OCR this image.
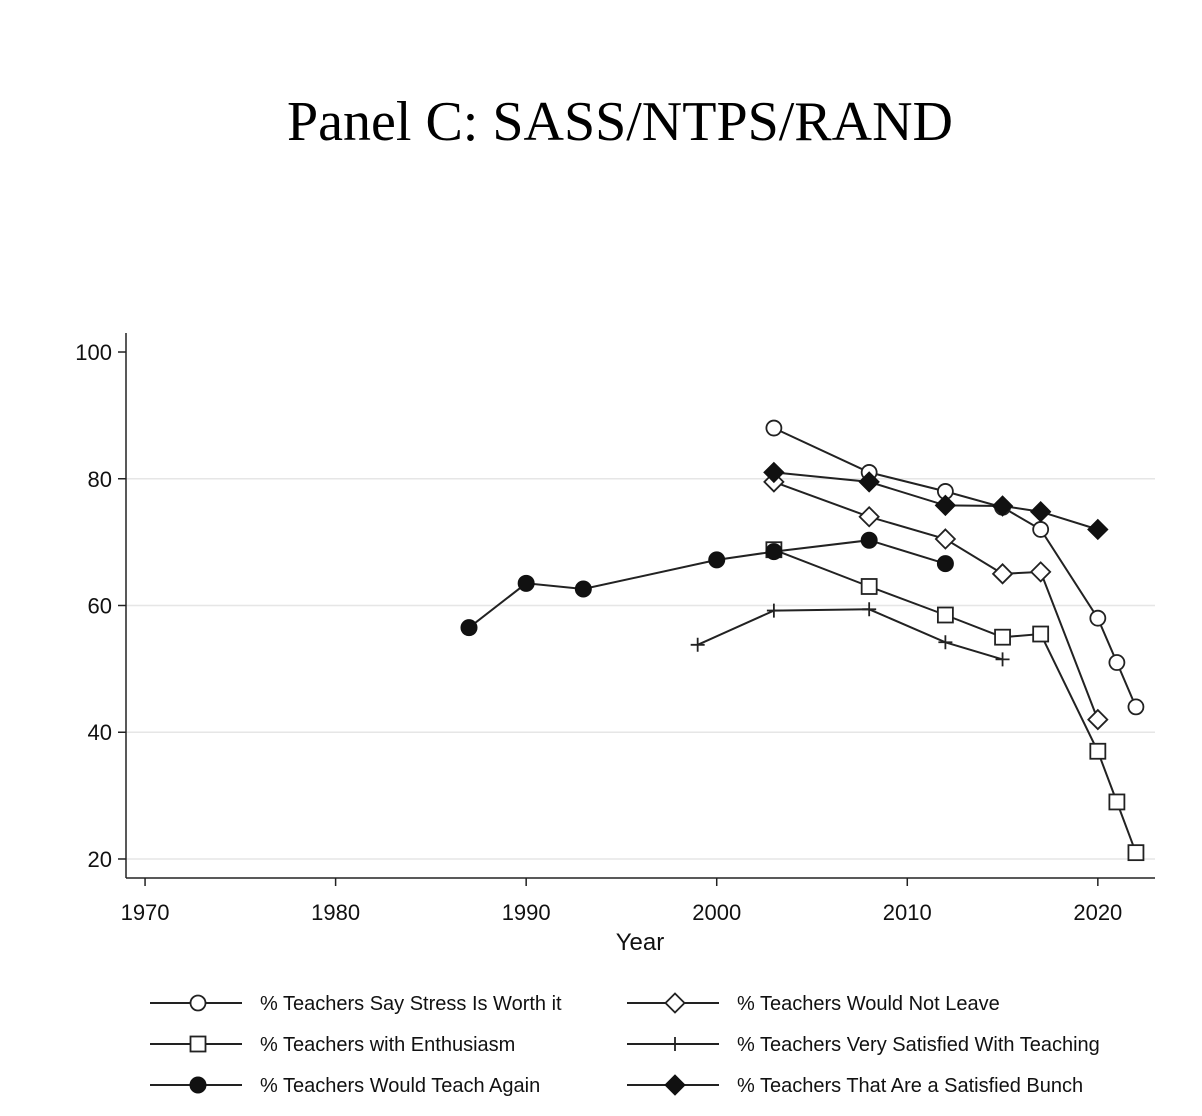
Panel C: SASS/NTPS/RAND
20
40
60
80
100
1970	1980	1990	2000	2010	2020
Year
% Teachers Say Stress Is Worth it	% Teachers Would Not Leave
% Teachers with Enthusiasm	% Teachers Very Satisfied With Teaching
% Teachers Would Teach Again	% Teachers That Are a Satisfied Bunch
